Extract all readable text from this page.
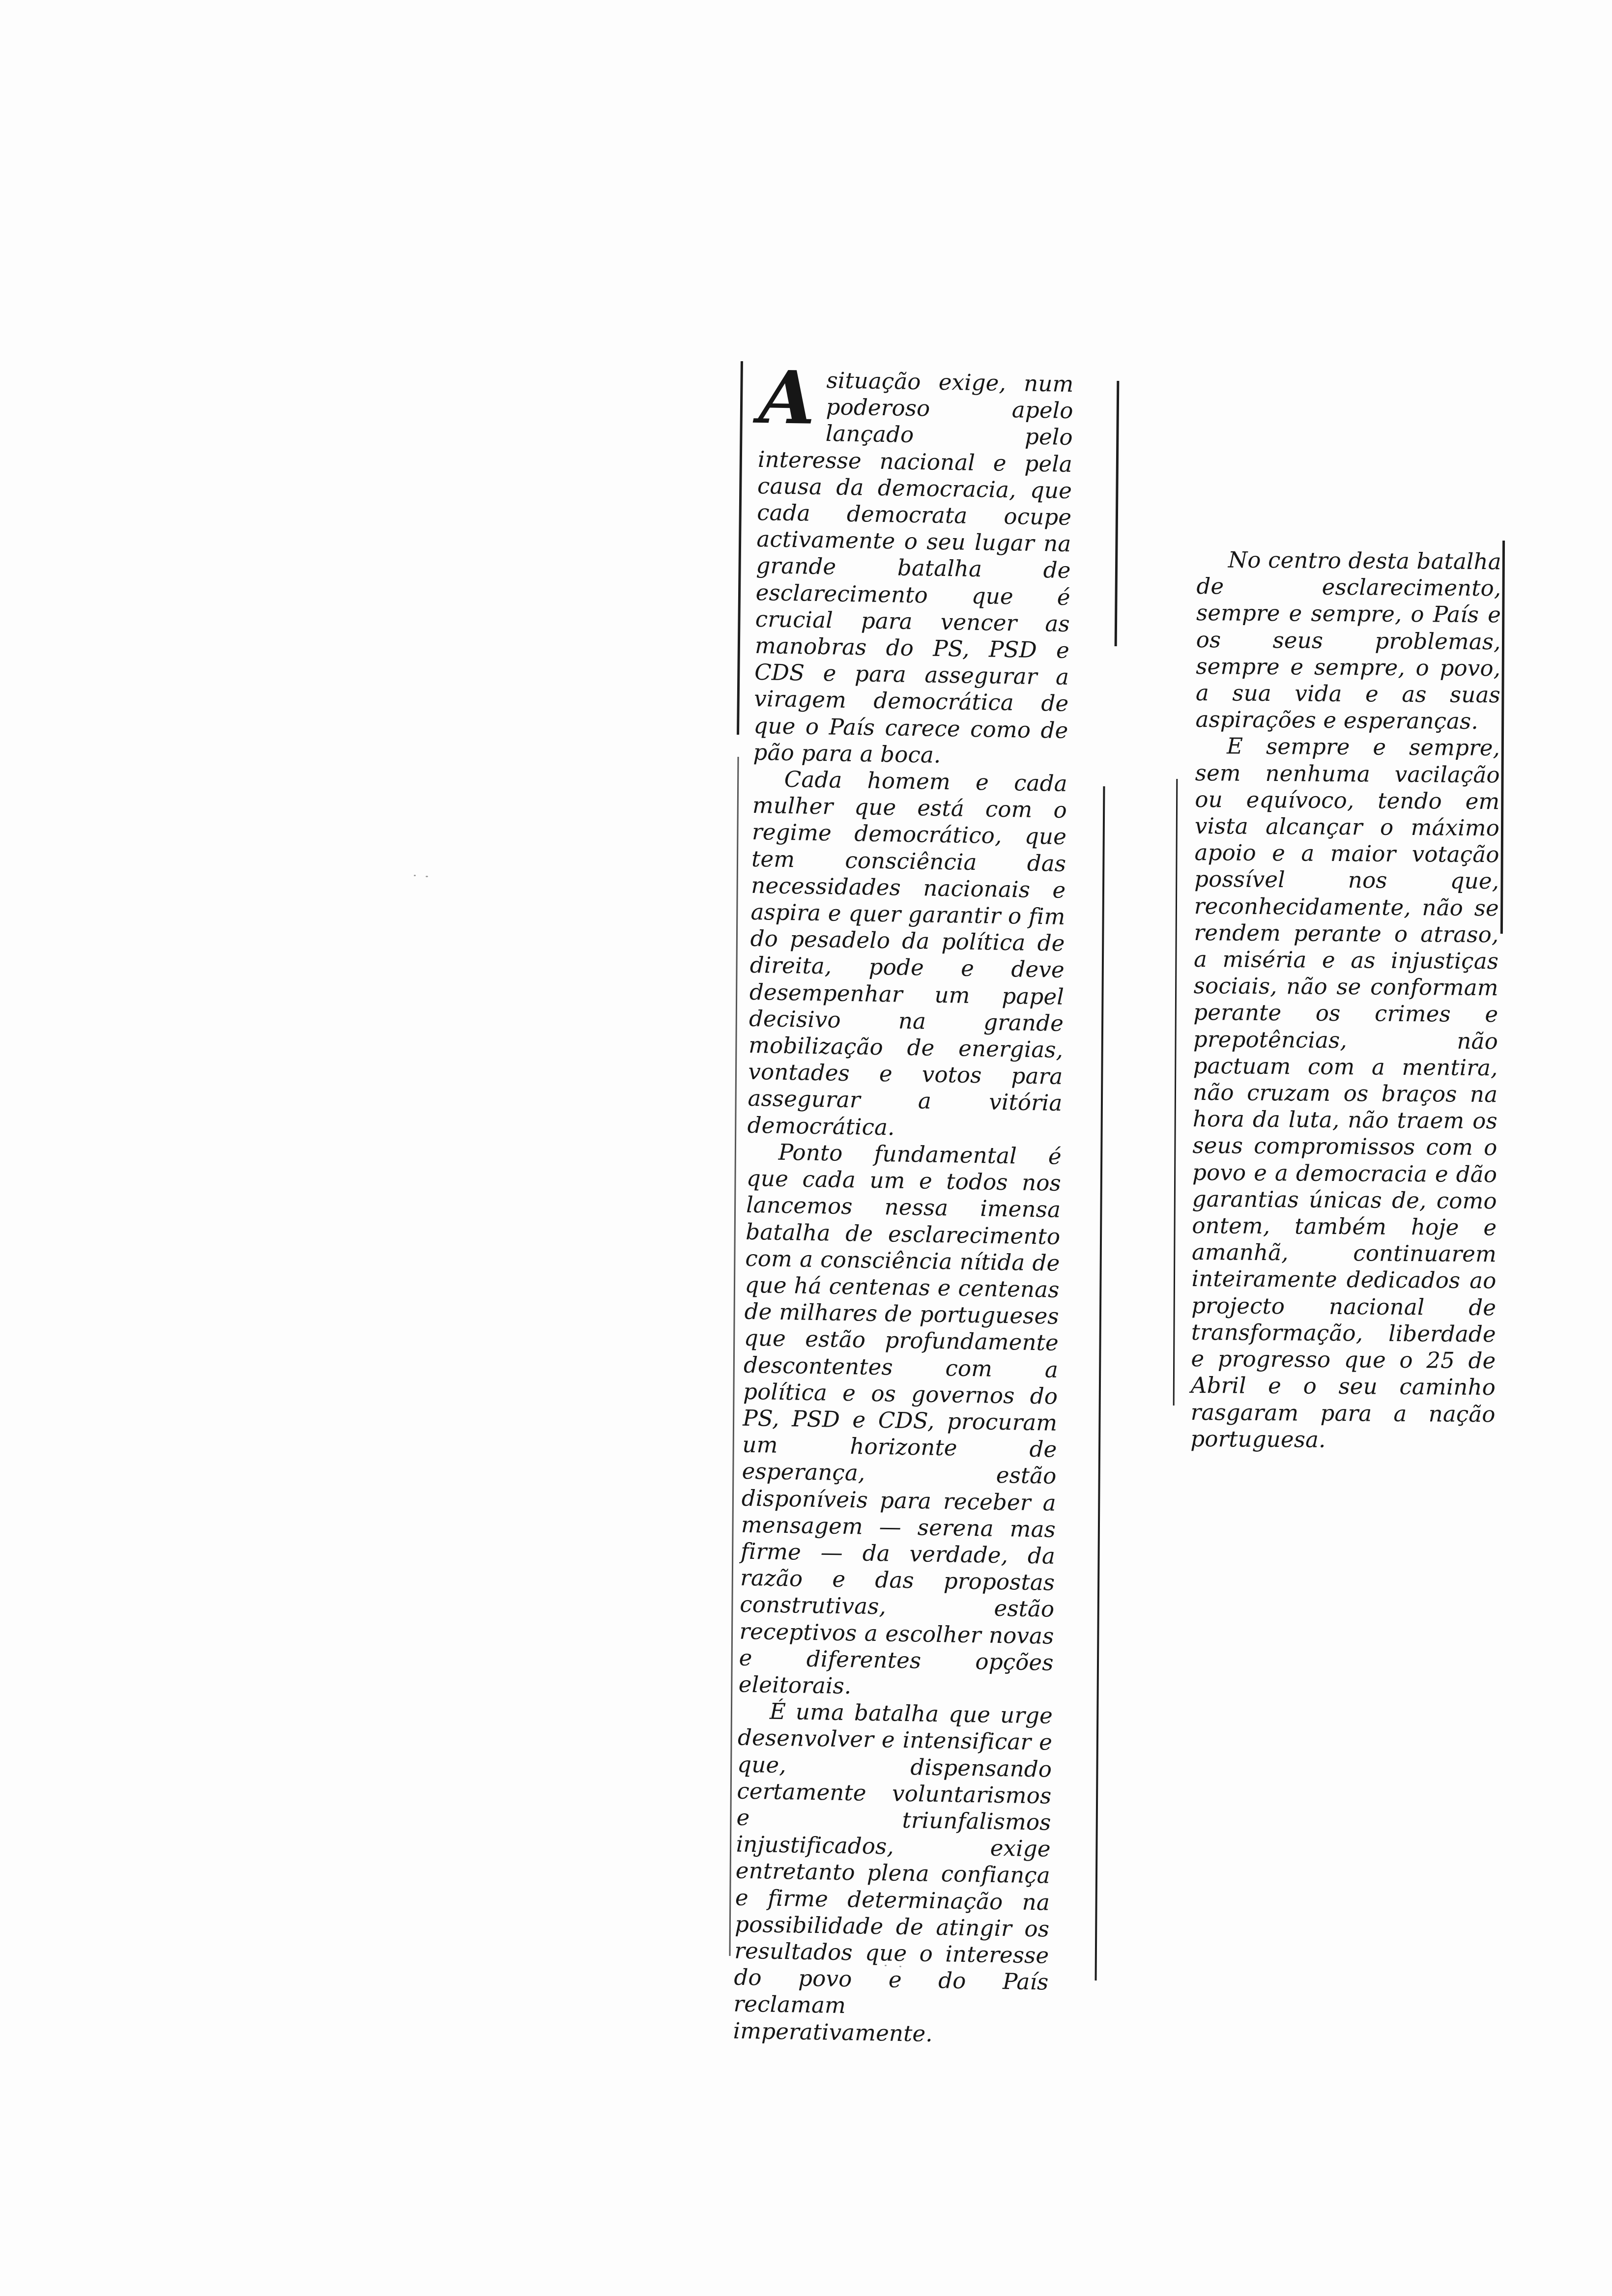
Asituação exige, num poderoso apelo lançado pelo interesse nacional e pela causa da democracia, que cada democrata ocupe activamente o seu lugar na grande batalha de esclarecimento que é crucial para vencer as manobras do PS, PSD e CDS e para assegurar a viragem democrática de que o País carece como de pão para a boca.

Cada homem e cada mulher que está com o regime democrático, que tem consciência das necessidades nacionais e aspira e quer garantir o fim do pesadelo da política de direita, pode e deve desempenhar um papel decisivo na grande mobilização de energias, vontades e votos para assegurar a vitória democrática.

Ponto fundamental é que cada um e todos nos lancemos nessa imensa batalha de esclarecimento com a consciência nítida de que há centenas e centenas de milhares de portugueses que estão profundamente descontentes com a política e os governos do PS, PSD e CDS, procuram um horizonte de esperança, estão disponíveis para receber a mensagem — serena mas firme — da verdade, da razão e das propostas construtivas, estão receptivos a escolher novas e diferentes opções eleitorais.

É uma batalha que urge desenvolver e intensificar e que, dispensando certamente voluntarismos e triunfalismos injustificados, exige entretanto plena confiança e firme determinação na possibilidade de atingir os resultados que o interesse do povo e do País reclamam imperativamente.

No centro desta batalha de esclarecimento, sempre e sempre, o País e os seus problemas, sempre e sempre, o povo, a sua vida e as suas aspirações e esperanças.

E sempre e sempre, sem nenhuma vacilação ou equívoco, tendo em vista alcançar o máximo apoio e a maior votação possível nos que, reconhecidamente, não se rendem perante o atraso, a miséria e as injustiças sociais, não se conformam perante os crimes e prepotências, não pactuam com a mentira, não cruzam os braços na hora da luta, não traem os seus compromissos com o povo e a democracia e dão garantias únicas de, como ontem, também hoje e amanhã, continuarem inteiramente dedicados ao projecto nacional de transformação, liberdade e progresso que o 25 de Abril e o seu caminho rasgaram para a nação portuguesa.
